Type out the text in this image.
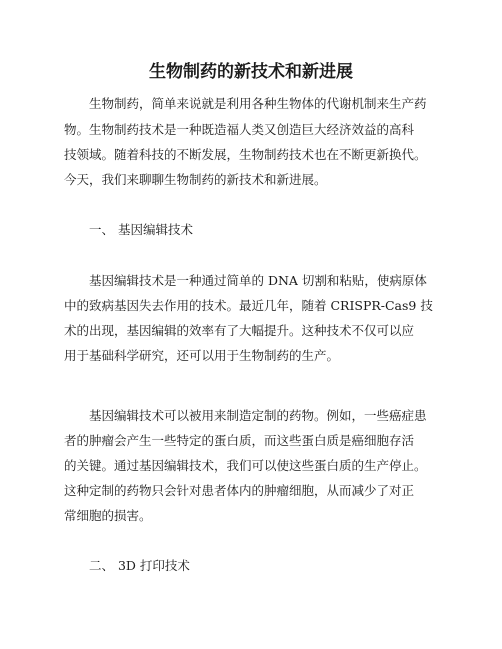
生物制药的新技术和新进展
生物制药，简单来说就是利用各种生物体的代谢机制来生产药
物。生物制药技术是一种既造福人类又创造巨大经济效益的高科
技领域。随着科技的不断发展，生物制药技术也在不断更新换代。
今天，我们来聊聊生物制药的新技术和新进展。
一、 基因编辑技术
基因编辑技术是一种通过简单的 DNA 切割和粘贴，使病原体
中的致病基因失去作用的技术。最近几年，随着 CRISPR-Cas9 技
术的出现，基因编辑的效率有了大幅提升。这种技术不仅可以应
用于基础科学研究，还可以用于生物制药的生产。
基因编辑技术可以被用来制造定制的药物。例如，一些癌症患
者的肿瘤会产生一些特定的蛋白质，而这些蛋白质是癌细胞存活
的关键。通过基因编辑技术，我们可以使这些蛋白质的生产停止。
这种定制的药物只会针对患者体内的肿瘤细胞，从而减少了对正
常细胞的损害。
二、 3D 打印技术
